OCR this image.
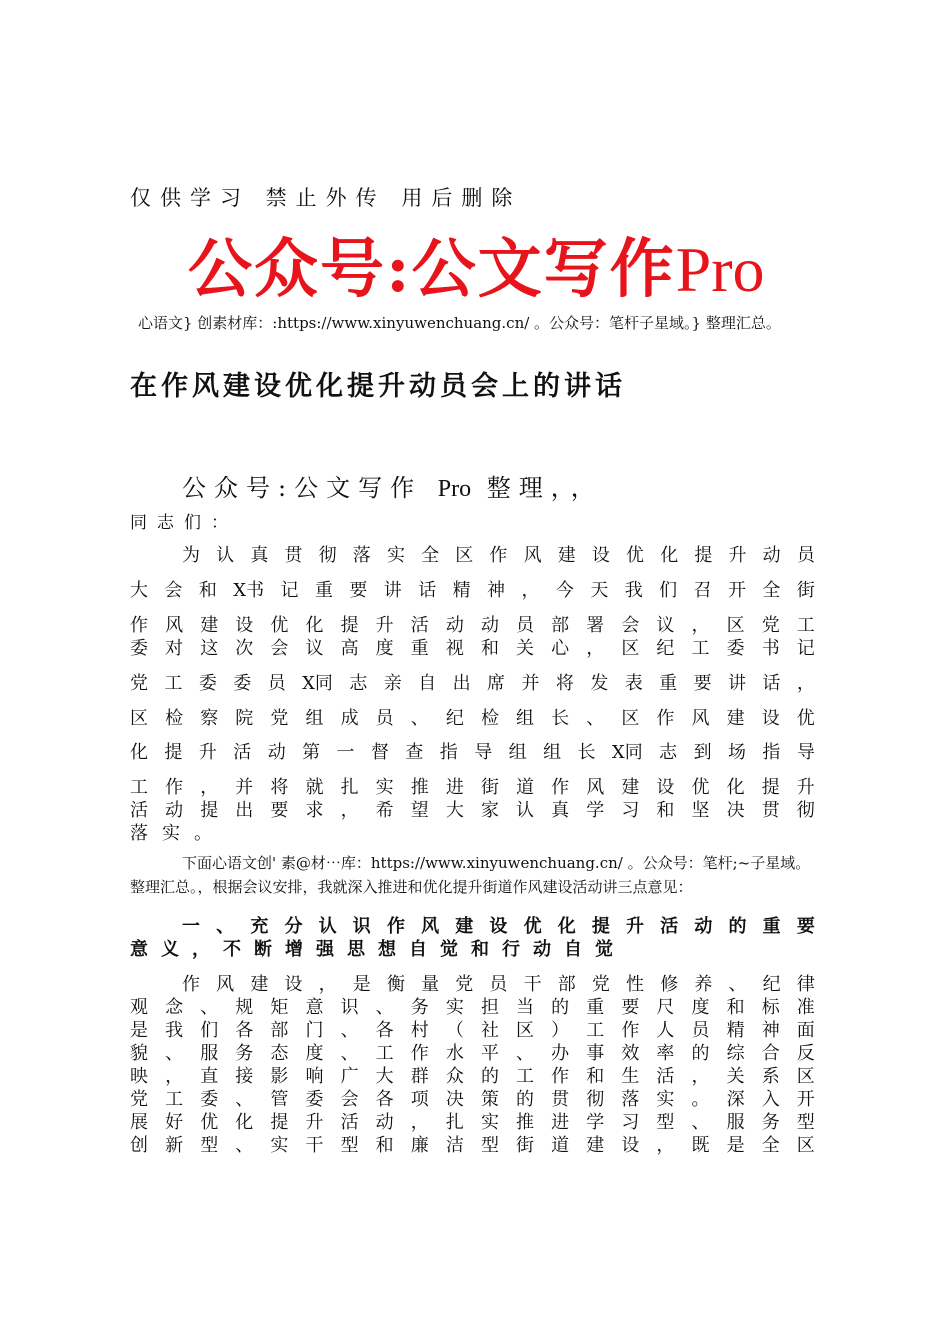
仅供学习 禁止外传 用后删除
公众号:公文写作Pro
心语文} 创素材库：:https://www.xinyuwenchuang.cn/ 。公众号：笔杆子星域。} 整理汇总。
在作风建设优化提升动员会上的讲话
公众号:公文写作 Pro 整理，，
同志们：
为 认 真 贯 彻 落 实 全 区 作 风 建 设 优 化 提 升 动 员
大 会 和 X书 记 重 要 讲 话 精 神 ， 今 天 我 们 召 开 全 街
作 风 建 设 优 化 提 升 活 动 动 员 部 署 会 议 ， 区 党 工
委 对 这 次 会 议 高 度 重 视 和 关 心 ， 区 纪 工 委 书 记
党 工 委 委 员 X同 志 亲 自 出 席 并 将 发 表 重 要 讲 话 ，
区 检 察 院 党 组 成 员 、 纪 检 组 长 、 区 作 风 建 设 优
化 提 升 活 动 第 一 督 查 指 导 组 组 长 X同 志 到 场 指 导
工 作 ， 并 将 就 扎 实 推 进 街 道 作 风 建 设 优 化 提 升
活 动 提 出 要 求 ， 希 望 大 家 认 真 学 习 和 坚 决 贯 彻
落实。
下面心语文创' 素@材⋯库：https://www.xinyuwenchuang.cn/ 。公众号：笔杆;~子星域。
整理汇总。，根据会议安排，我就深入推进和优化提升街道作风建设活动讲三点意见：
一 、 充 分 认 识 作 风 建 设 优 化 提 升 活 动 的 重 要
意义，不断增强思想自觉和行动自觉
作 风 建 设 ， 是 衡 量 党 员 干 部 党 性 修 养 、 纪 律
观 念 、 规 矩 意 识 、 务 实 担 当 的 重 要 尺 度 和 标 准
是 我 们 各 部 门 、 各 村 （ 社 区 ） 工 作 人 员 精 神 面
貌 、 服 务 态 度 、 工 作 水 平 、 办 事 效 率 的 综 合 反
映 ， 直 接 影 响 广 大 群 众 的 工 作 和 生 活 ， 关 系 区
党 工 委 、 管 委 会 各 项 决 策 的 贯 彻 落 实 。 深 入 开
展 好 优 化 提 升 活 动 ， 扎 实 推 进 学 习 型 、 服 务 型
创 新 型 、 实 干 型 和 廉 洁 型 街 道 建 设 ， 既 是 全 区
